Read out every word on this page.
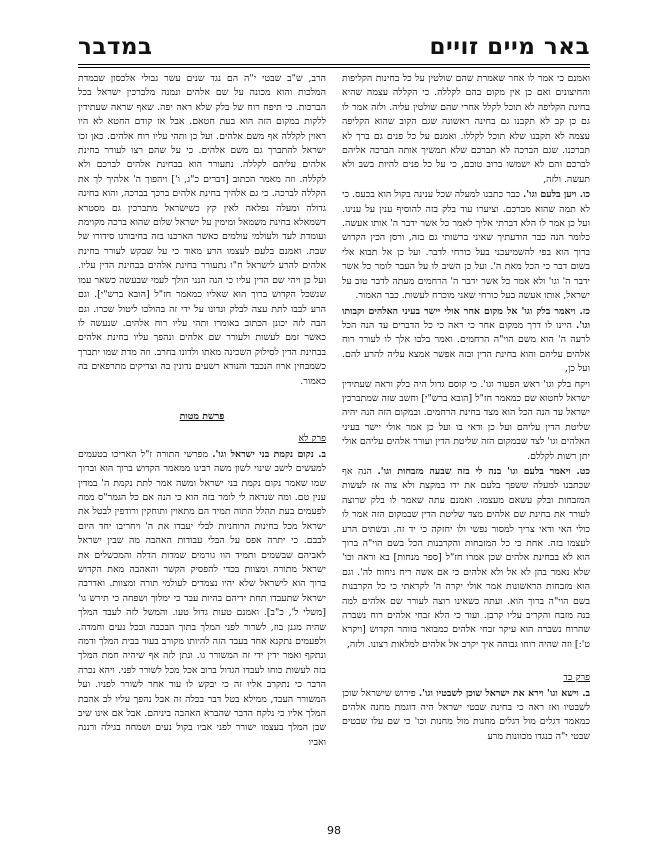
באר מיים זויים
במדבר

ואמנם כי אמר לו אחר שאמרת שהם שולטין על כל בחינות הקליפות והחיצונים ואם כן אין מקום בהם לקללה. כי הקללה עצמה שהיא בחינת הקליפה לא תוכל לקלל אחרי שהם שולטין עליה. ולזה אמר לו גם כן קב לא תקבנו גם בחינה ראשונה שגם הקוב שהוא הקליפה עצמה לא תקבנו שלא תוכל לקללו. ואמנם על כל פנים גם ברך לא תברכנו. שגם הברכה לא תברכם שלא תמשיך אותה הברכה אליהם לברכם והם לא ישמשו ברוב טובם, כי על כל פנים להיות בשב ולא תעשה. ולזה,

כו. ויען בלעם וגו'. כבר כתבנו למעלה שכל ענינה בקול הוא בכעס. כי לא תמה שהוא מברכם. וציערו עוד בלק בזה להוסיף ענין על ענינו. ועל כן אמר לו הלא דברתי אליך לאמר כל אשר ידבר ה' אותו אעשה. כלומר הנה כבר הודעתיך שאיני ברשותי גם בזה, ורסן הכין הקדוש ברוך הוא בפי להשמיעכני בעל כורחי לדבר. ועל כן אל תבוא אלי בשום דבר כי הכל מאת ה'. ועל כן השיב לו על העבר לומר כל אשר ידבר ה' וגו' ולא אמר כל אשר ידבר ה' הרחמים מעתה לדבר טוב על ישראל, אותו אעשה בעל כורחי שאני מוכרח לעשות. כבר האמור.

כז. ויאמר בלק וגו' אל מקום אחר אולי יישר בעיני האלהים וקבותו וגו'. היינו לו דרך ממקום אחר כי ראה כי כל הדברים עד הנה הכל לרעה ה' הוא משם הוי"ה הרחמים. ואמר בלבו אלך לו לעורר רוח אלהים עליהם והוא בחינת הדין ובזה אפשר אמצא עליה להרע להם. ועל כן,

ויקח בלק וגו' ראש הפעור וגו'. כי קוסם גדול היה בלק וראה שעתידין ישראל לחטוא שם כמאמר חז"ל [הובא ברש"י] וחשב שזה שמתברכין ישראל עד הנה הכל הוא מצד בחינת הרחמים. ובמקום הזה הנה יהיה שליטת הדין עליהם ועל כן ודאי בו ועל כן אמר אולי יישר בעיני האלהים וגו' לצד שבמקום הזה שליטת הדין ועורר אלהים עליהם אולי יתן רשות לקללם.

כט. ויאמר בלעם וגו' בנה לי בזה שבעה מזבחות וגו'. הנה אף שכתבנו למעלה ששפך בלעם את ידו במקצת ולא צוה אז לעשות המזבחות ובלק עשאם מעצמו. ואמנם עתה שאמר לו בלק שרוצה לעורר את בחינת שם אלהים מצד שליטת הדין שבמקום הזה אמר לו כולי האי ודאי צריך למסור נפשי ולו יחזקה כי יד זה. ובשתים הרע לעצמו בזה. אחת כי כל המזבחות והקרבנות הכל בשם הוי"ה ברוך הוא לא בבחינת אלהים שכן אמרו חז"ל [ספר מנחות] בא וראה וכו' שלא נאמר בהן לא אל ולא אלהים כי אם אשה ריח ניחוח לה'. וגם הוא מזבחות הראשונות אמר אולי יקרה ה' לקראתי כי כל הקרבנות בשם הוי"ה ברוך הוא. ועתה כשאינו רוצה לעורר שם אלהים למה בנה מזבח והקריב עליו קרבן. ועוד כי הלא זבחי אלהים רוח נשברה שהרוח נשברה הוא עיקר זבחי אלהים כמבואר בזוהר הקדוש [ויקרא ט':] וזה שהיה רוחו גבוהה איך יקרב אל אלהים למלאות רצונו. ולזה,

פרק כד

ב. וישא וגו' וירא את ישראל שוכן לשבטיו וגו'. פירוש שישראל שוכן לשבטיו ואז ראה כי בחינת שבטי ישראל היה דוגמת מחנה אלהים כמאמר דגלים מול דגלים מחנות מול מחנות וכו' כי שם עלו שבטים שבטי י"ה כנגדו מכוונות מרע

הרב, ש"ב שבטי י"ה הם נגד שנים עשר גבולי אלכסון שבמדת המלכות והוא מכונה על שם אלהים ונמנה מלברכין ישראל בכל הברכות. כי תיפח רוח של בלק שלא ראה יפה. שאף שראה שעתידין ללקות במקום הזה הוא בעת חטאם. אבל אז קודם החטא לא היו ראוין לקללה אף משם אלהים. ועל כן ותהי עליו רוח אלהים. כאן זכו ישראל להתברך גם משם אלהים. כי על שהם רצו לעורר בחינת אלהים עליהם לקללה. נתעורר הוא בבחינת אלהים לברכם ולא לקללה. וזה מאמר הכתוב [דברים כ"ג, ו'] ויהפוך ה' אלהיך לך את הקללה לברכה. כי גם אלהיך בחינת אלהים ברכך בברכה, והוא בחינה גדולה ומעלה נפלאה לאין קץ כשישראל מתברכין גם מסטרא דשמאלא בחינת משמאל ומימין על ישראל שלום שהוא ברכה מקוימת ועומדת לעד ולעולמי עולמים כאשר הארכנו בזה בחיבורנו סידורו של שבת. ואמנם בלעם לעצמו הרע מאוד כי על שבקש לעורר בחינת אלהים להרע לישראל ח"ו נתעורר בחינת אלהים בבחינת הדין עליו. ועל כן ויהי שם הדין עליו כי הנה הנני הולך לעמי שבעשה כשאר עמו שנשכל הקדוש ברוך הוא שאליו כמאמר חז"ל [הובא ברש"י]. וגם הרע לבבו לתת עצה לבלק ונדונו על ידי זה בהולכו ליטול שכרו. וגם הבה לזה יכונן הכתוב באומרו ותהי עליו רוח אלהים. שנעשה לו כאשר זמם לעשות ולעורר שם אלהים ונהפך עליו בחינת אלהים בבחינת הדין לסילוק השכינה מאתו ולדונו בחרב. וזה מדת שמו יתברך כשמבחין ארוז הנכבד והנורא רשעים נדונין בה וצדיקים מתרפאים בה כאמור.

פרשת מטות
פרק לא

ב. נקום נקמת בני ישראל וגו'. מפרשי התורה ז"ל האריכו בטעמים למעשים לישב שינוי לשון משה רבינו ממאמר הקדוש ברוך הוא וברוך שמו שאמר נקום נקמת בני ישראל ומשה אמר לתת נקמת ה' במדין ענין טם. ומה שנראה לי לומר בזה הוא כי הנה אם כל הגמר"ס ממה לפעמים בעת תהלל התוה תמיד הם מתאוין ותוחקין ורודפין לבטל את ישראל מכל בחינות הרוחניות לבלי יעבדו את ה' ויחריבו יחד היום לבבם. כי יתרה אפס על הבלי עבודות האהבה מה שבין ישראל לאביהם שבשמים ותמיד הוו גורמים שמדות הדלה והמכשלים את ישראל מתורה ומצוות בכדי להפסיק הקשר והאהבה מאת הקדוש ברוך הוא לישראל שלא יהיו נצמדים לעולמי תורה ומצוות. ואדרבה ישראל שתעבדו תחת ידיהם בהיות עבד כי ימלוך ושפחה כי תירש גו' [משלי ל', כ"ב]. ואמנם טעות גדול טעו. והמשל לזה לעבד המלך שהיה מגנן בוז, לשרור לפני המלך בתוך הבכבה ובכל נעים וחמדה. ולפעמים נתקנא אחד בעבד הזה להיותו מקורב בעוד בבית המלך ודמה ונתקף ואמר ידין ידי זה המשורר גו. ונתן לזה אף שיהיה חמת המלך בזה לעשות כוחו לעבדו הגדול ברוב אכל מכל לשורר לפני. ויהא נכרה הדבר כי נתקרב אליו זה כי יבקש לו עוד אחר לשורר לפניו. ועל המשורר העבד, ממילא בטל דבר בכלה זה אבל נהפך עליו לב אהבת המלך אליו כי נלקח הדבר שהברא האהבה ביניהם. אבל אם אינו שיב שבן המלך בעצמו ישורר לפני אביו בקול נעים ושמחה בגילה ורננה ואביו

98
